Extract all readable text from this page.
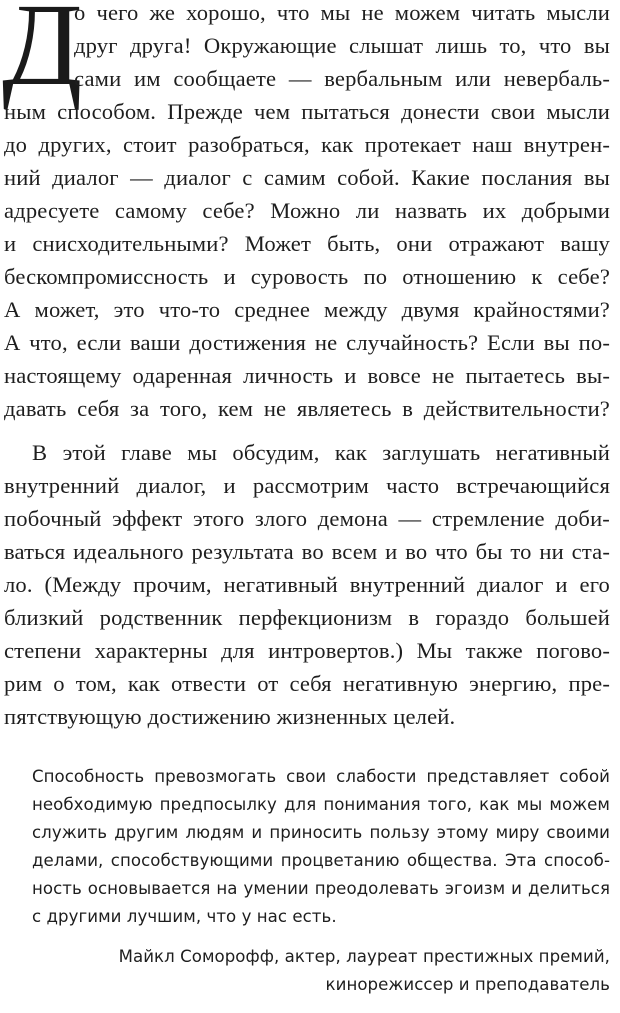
Д
о чего же хорошо, что мы не можем читать мысли
друг друга! Окружающие слышат лишь то, что вы
сами им сообщаете — вербальным или невербаль-
ным способом. Прежде чем пытаться донести свои мысли
до других, стоит разобраться, как протекает наш внутрен-
ний диалог — диалог с самим собой. Какие послания вы
адресуете самому себе? Можно ли назвать их добрыми
и снисходительными? Может быть, они отражают вашу
бескомпромиссность и суровость по отношению к себе?
А может, это что-то среднее между двумя крайностями?
А что, если ваши достижения не случайность? Если вы по-
настоящему одаренная личность и вовсе не пытаетесь вы-
давать себя за того, кем не являетесь в действительности?
В этой главе мы обсудим, как заглушать негативный
внутренний диалог, и рассмотрим часто встречающийся
побочный эффект этого злого демона — стремление доби-
ваться идеального результата во всем и во что бы то ни ста-
ло. (Между прочим, негативный внутренний диалог и его
близкий родственник перфекционизм в гораздо большей
степени характерны для интровертов.) Мы также погово-
рим о том, как отвести от себя негативную энергию, пре-
пятствующую достижению жизненных целей.
Способность превозмогать свои слабости представляет собой
необходимую предпосылку для понимания того, как мы можем
служить другим людям и приносить пользу этому миру своими
делами, способствующими процветанию общества. Эта способ-
ность основывается на умении преодолевать эгоизм и делиться
с другими лучшим, что у нас есть.
Майкл Соморофф, актер, лауреат престижных премий,
кинорежиссер и преподаватель
